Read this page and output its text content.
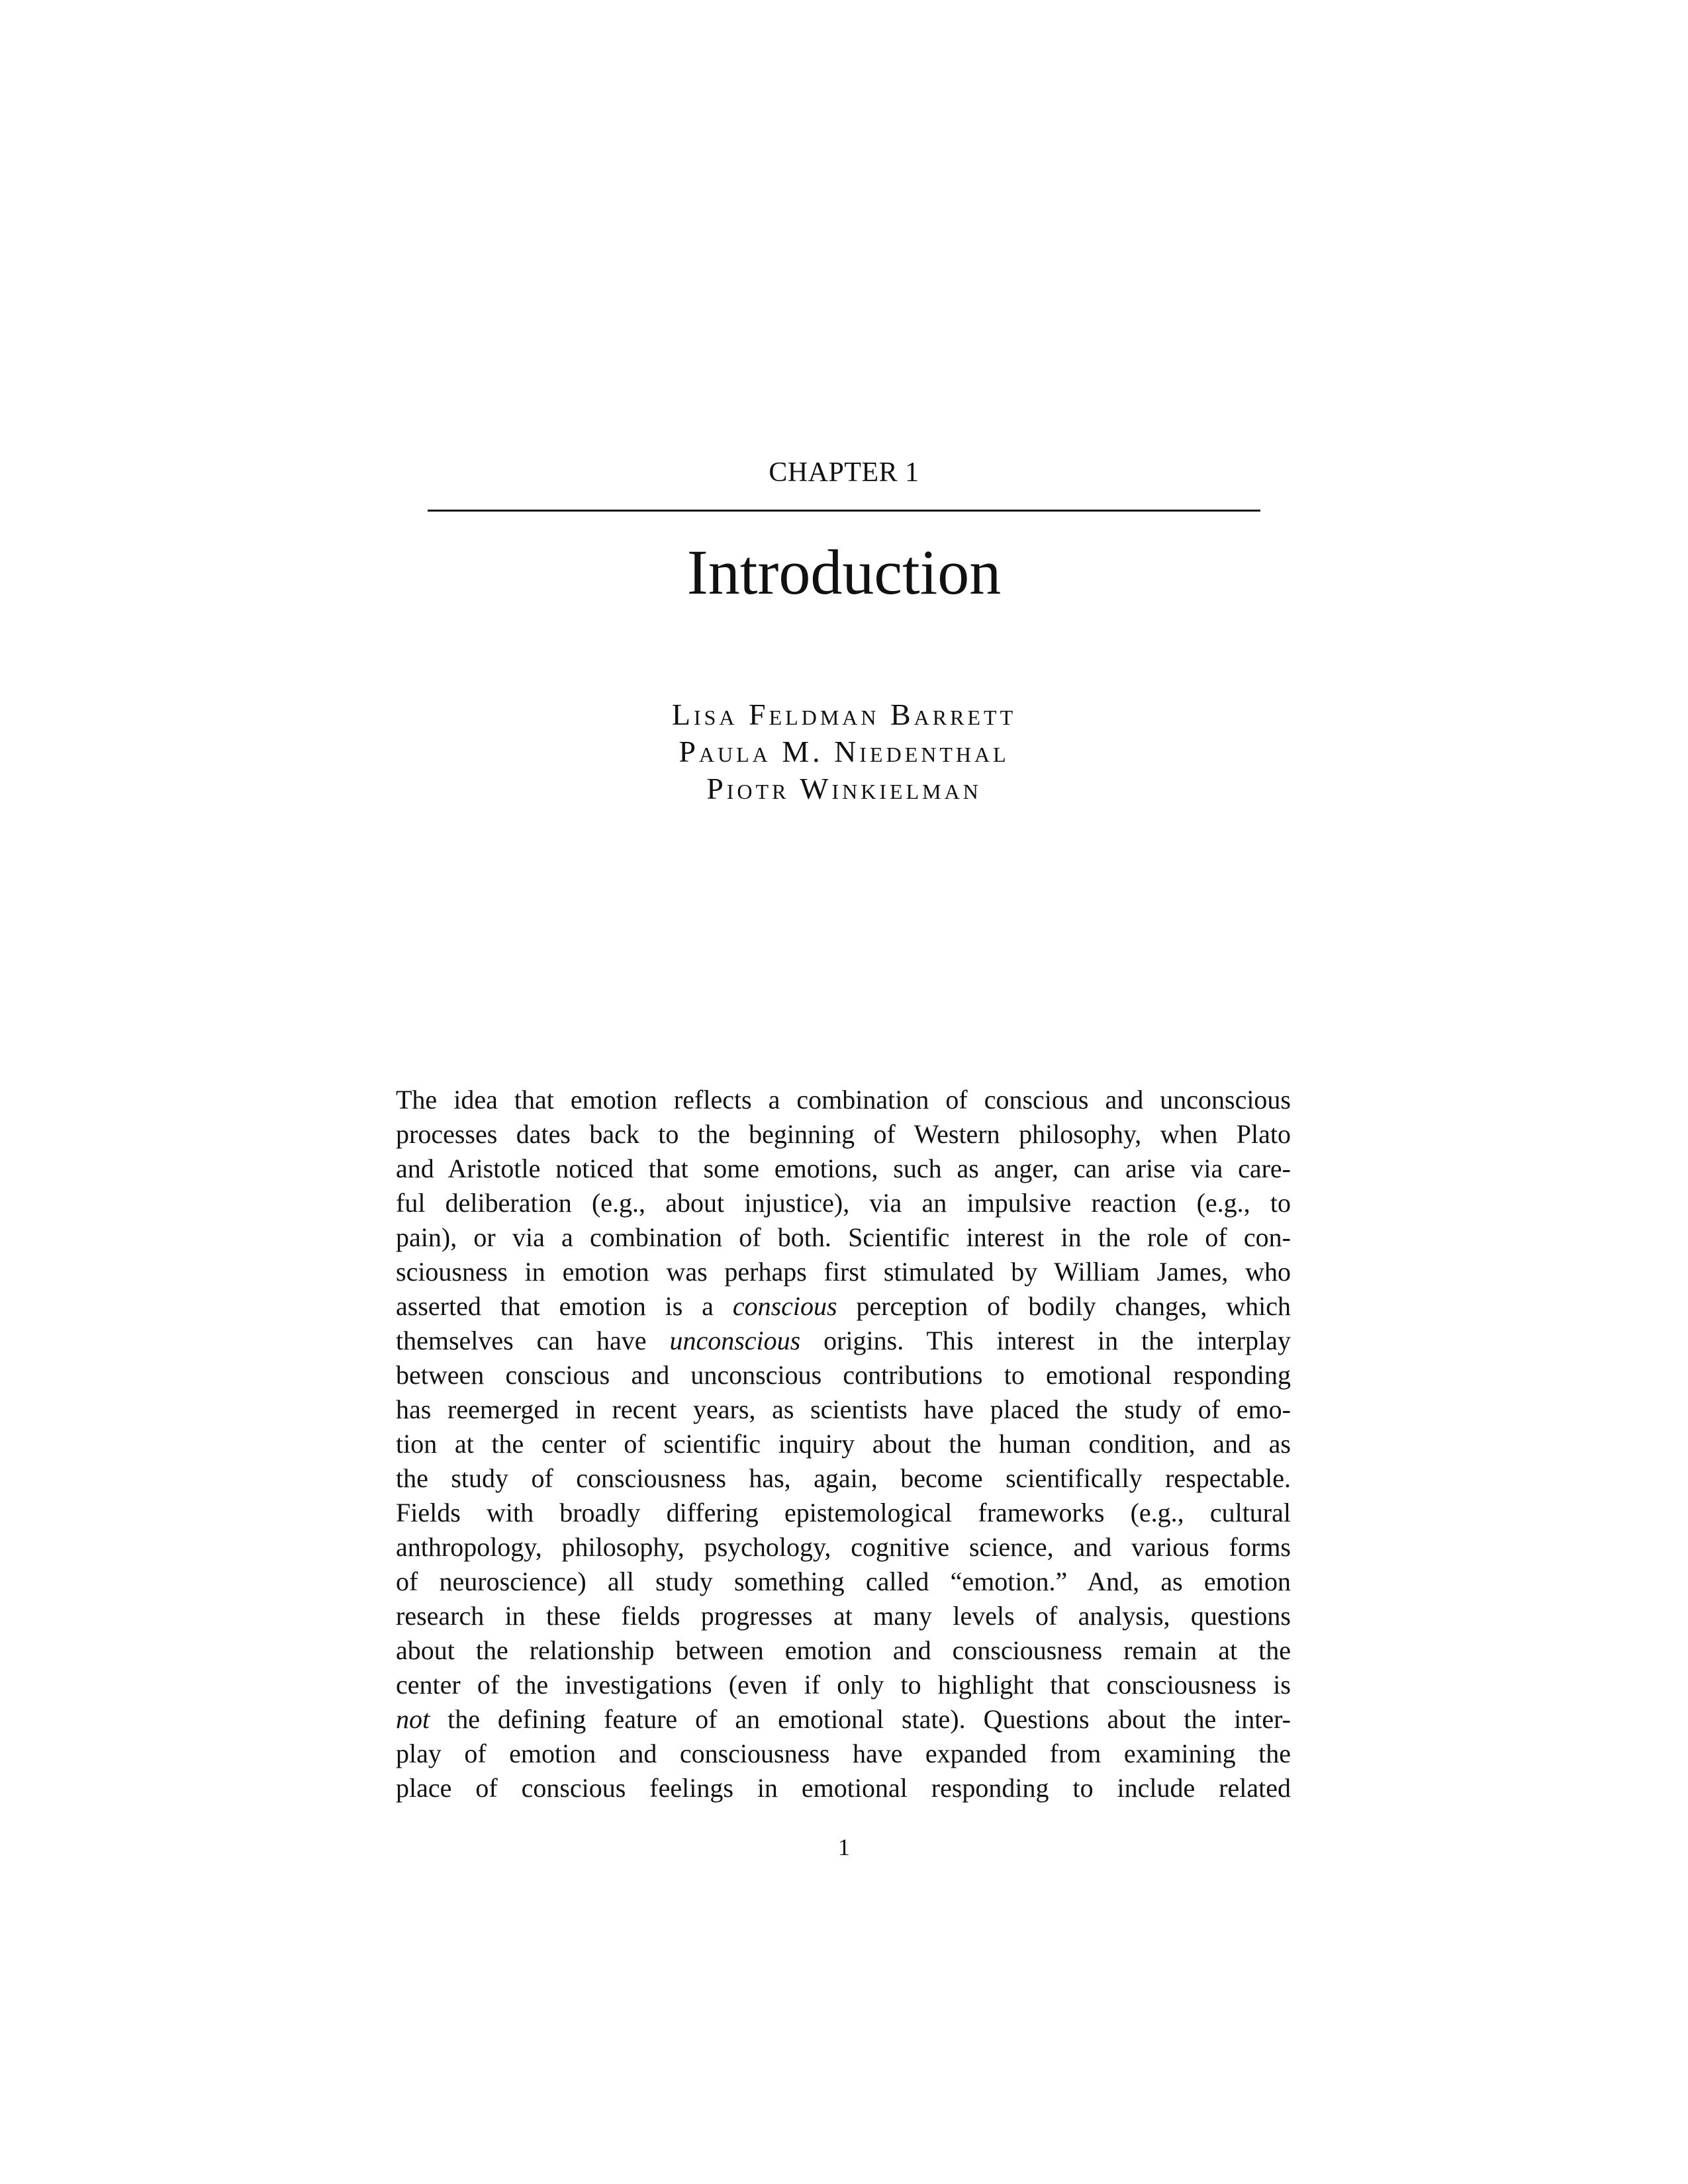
CHAPTER 1
Introduction
Lisa Feldman Barrett
Paula M. Niedenthal
Piotr Winkielman
The idea that emotion reflects a combination of conscious and unconscious
processes dates back to the beginning of Western philosophy, when Plato
and Aristotle noticed that some emotions, such as anger, can arise via care-
ful deliberation (e.g., about injustice), via an impulsive reaction (e.g., to
pain), or via a combination of both. Scientific interest in the role of con-
sciousness in emotion was perhaps first stimulated by William James, who
asserted that emotion is a conscious perception of bodily changes, which
themselves can have unconscious origins. This interest in the interplay
between conscious and unconscious contributions to emotional responding
has reemerged in recent years, as scientists have placed the study of emo-
tion at the center of scientific inquiry about the human condition, and as
the study of consciousness has, again, become scientifically respectable.
Fields with broadly differing epistemological frameworks (e.g., cultural
anthropology, philosophy, psychology, cognitive science, and various forms
of neuroscience) all study something called “emotion.” And, as emotion
research in these fields progresses at many levels of analysis, questions
about the relationship between emotion and consciousness remain at the
center of the investigations (even if only to highlight that consciousness is
not the defining feature of an emotional state). Questions about the inter-
play of emotion and consciousness have expanded from examining the
place of conscious feelings in emotional responding to include related
1
